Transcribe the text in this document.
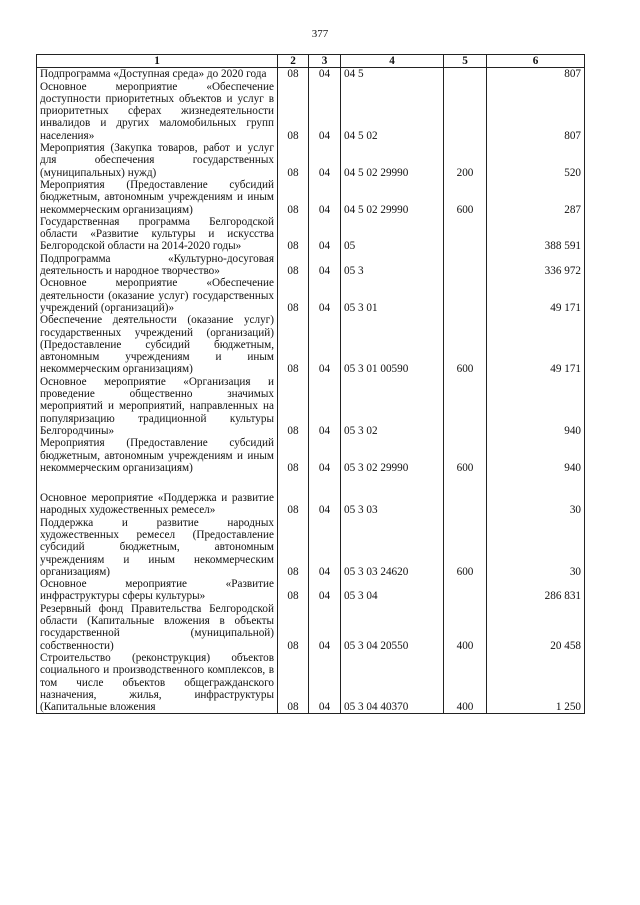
377
1	2	3	4	5	6
Подпрограмма «Доступная среда» до 2020 года	08	04	04 5		807
Основное мероприятие «Обеспечение доступности приоритетных объектов и услуг в приоритетных сферах жизнедеятельности инвалидов и других маломобильных групп населения»	08	04	04 5 02		807
Мероприятия (Закупка товаров, работ и услуг для обеспечения государственных (муниципальных) нужд)	08	04	04 5 02 29990	200	520
Мероприятия (Предоставление субсидий бюджетным, автономным учреждениям и иным некоммерческим организациям)	08	04	04 5 02 29990	600	287
Государственная программа Белгородской области «Развитие культуры и искусства Белгородской области на 2014-2020 годы»	08	04	05		388 591
Подпрограмма «Культурно-досуговая деятельность и народное творчество»	08	04	05 3		336 972
Основное мероприятие «Обеспечение деятельности (оказание услуг) государственных учреждений (организаций)»	08	04	05 3 01		49 171
Обеспечение деятельности (оказание услуг) государственных учреждений (организаций) (Предоставление субсидий бюджетным, автономным учреждениям и иным некоммерческим организациям)	08	04	05 3 01 00590	600	49 171
Основное мероприятие «Организация и проведение общественно значимых мероприятий и мероприятий, направленных на популяризацию традиционной культуры Белгородчины»	08	04	05 3 02		940
Мероприятия (Предоставление субсидий бюджетным, автономным учреждениям и иным некоммерческим организациям)	08	04	05 3 02 29990	600	940
Основное мероприятие «Поддержка и развитие народных художественных ремесел»	08	04	05 3 03		30
Поддержка и развитие народных художественных ремесел (Предоставление субсидий бюджетным, автономным учреждениям и иным некоммерческим организациям)	08	04	05 3 03 24620	600	30
Основное мероприятие «Развитие инфраструктуры сферы культуры»	08	04	05 3 04		286 831
Резервный фонд Правительства Белгородской области (Капитальные вложения в объекты государственной (муниципальной) собственности)	08	04	05 3 04 20550	400	20 458
Строительство (реконструкция) объектов социального и производственного комплексов, в том числе объектов общегражданского назначения, жилья, инфраструктуры (Капитальные вложения	08	04	05 3 04 40370	400	1 250
